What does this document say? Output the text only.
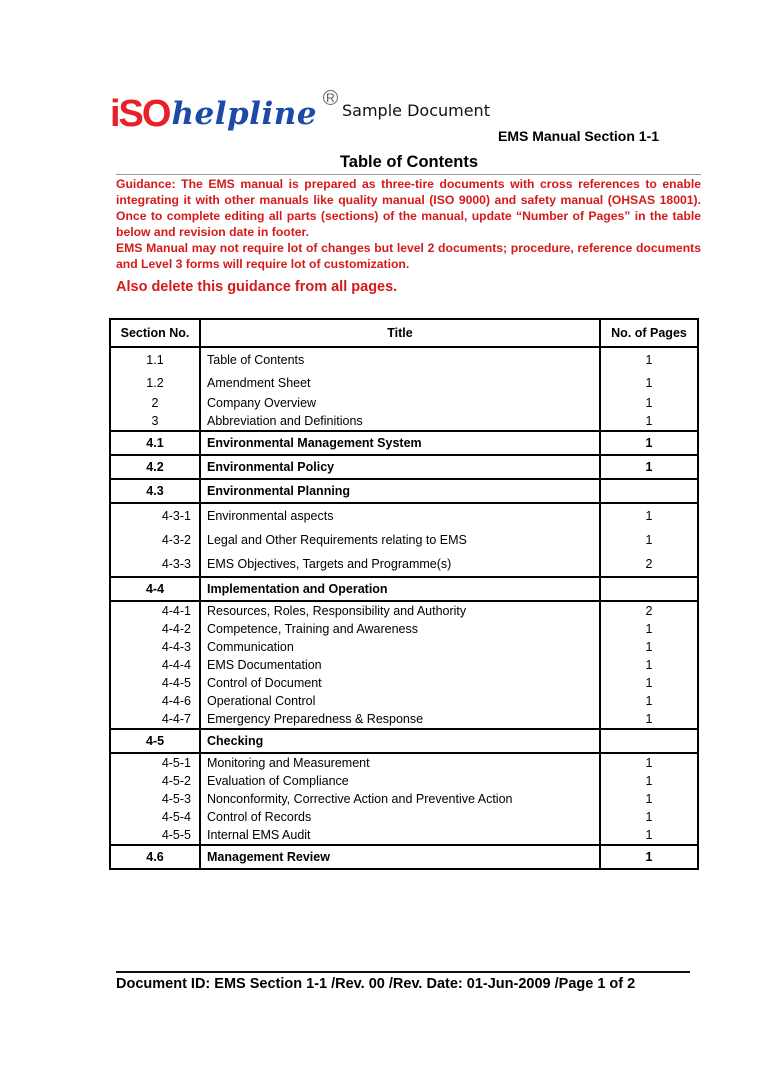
iSO helpline R
Sample Document
EMS Manual Section 1-1
Table of Contents

Guidance: The EMS manual is prepared as three-tire documents with cross references to enable integrating it with other manuals like quality manual (ISO 9000) and safety manual (OHSAS 18001). Once to complete editing all parts (sections) of the manual, update “Number of Pages” in the table below and revision date in footer.

EMS Manual may not require lot of changes but level 2 documents; procedure, reference documents and Level 3 forms will require lot of customization.

Also delete this guidance from all pages.
Section No.	Title	No. of Pages
1.1	Table of Contents	1
1.2	Amendment Sheet	1
2	Company Overview	1
3	Abbreviation and Definitions	1
4.1	Environmental Management System	1
4.2	Environmental Policy	1
4.3	Environmental Planning	
4-3-1	Environmental aspects	1
4-3-2	Legal and Other Requirements relating to EMS	1
4-3-3	EMS Objectives, Targets and Programme(s)	2
4-4	Implementation and Operation	
4-4-1	Resources, Roles, Responsibility and Authority	2
4-4-2	Competence, Training and Awareness	1
4-4-3	Communication	1
4-4-4	EMS Documentation	1
4-4-5	Control of Document	1
4-4-6	Operational Control	1
4-4-7	Emergency Preparedness & Response	1
4-5	Checking	
4-5-1	Monitoring and Measurement	1
4-5-2	Evaluation of Compliance	1
4-5-3	Nonconformity, Corrective Action and Preventive Action	1
4-5-4	Control of Records	1
4-5-5	Internal EMS Audit	1
4.6	Management Review	1
Document ID: EMS Section 1-1 /Rev. 00 /Rev. Date: 01-Jun-2009 /Page 1 of 2
